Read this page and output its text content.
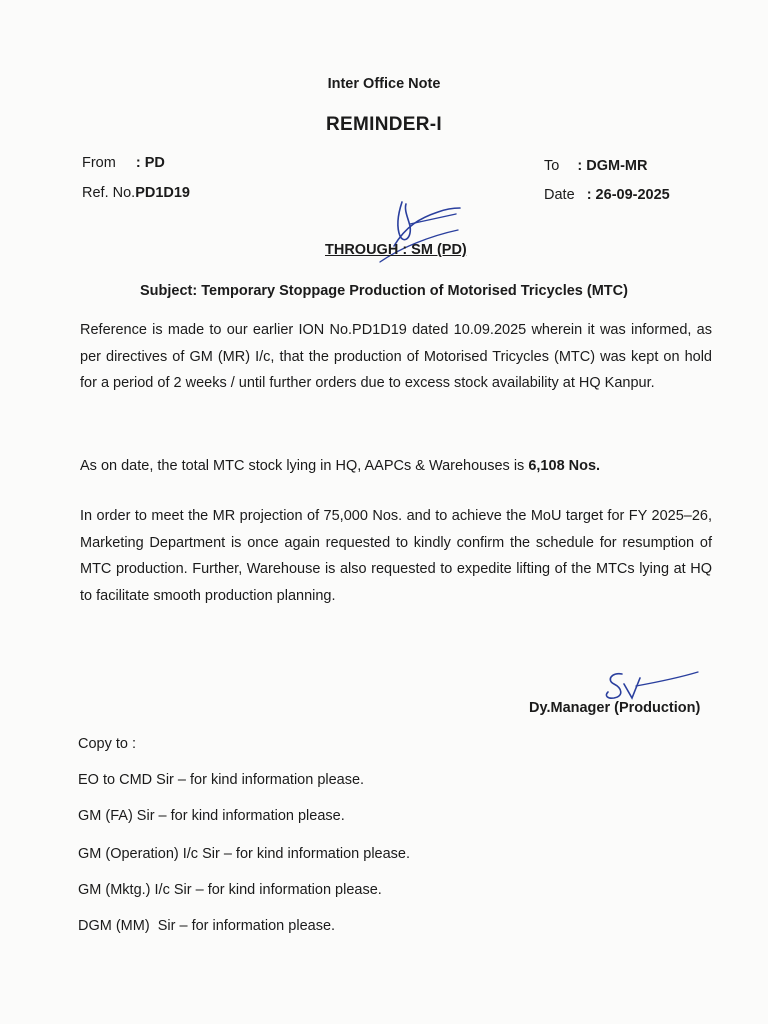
Inter Office Note
REMINDER-I
From : PD
Ref. No.PD1D19
To : DGM-MR
Date : 26-09-2025
THROUGH : SM (PD)
Subject: Temporary Stoppage Production of Motorised Tricycles (MTC)
Reference is made to our earlier ION No.PD1D19 dated 10.09.2025 wherein it was informed, as per directives of GM (MR) I/c, that the production of Motorised Tricycles (MTC) was kept on hold for a period of 2 weeks / until further orders due to excess stock availability at HQ Kanpur.
As on date, the total MTC stock lying in HQ, AAPCs & Warehouses is 6,108 Nos.
In order to meet the MR projection of 75,000 Nos. and to achieve the MoU target for FY 2025–26, Marketing Department is once again requested to kindly confirm the schedule for resumption of MTC production. Further, Warehouse is also requested to expedite lifting of the MTCs lying at HQ to facilitate smooth production planning.
Dy.Manager (Production)
Copy to :
EO to CMD Sir – for kind information please.
GM (FA) Sir – for kind information please.
GM (Operation) I/c Sir – for kind information please.
GM (Mktg.) I/c Sir – for kind information please.
DGM (MM)  Sir – for information please.
